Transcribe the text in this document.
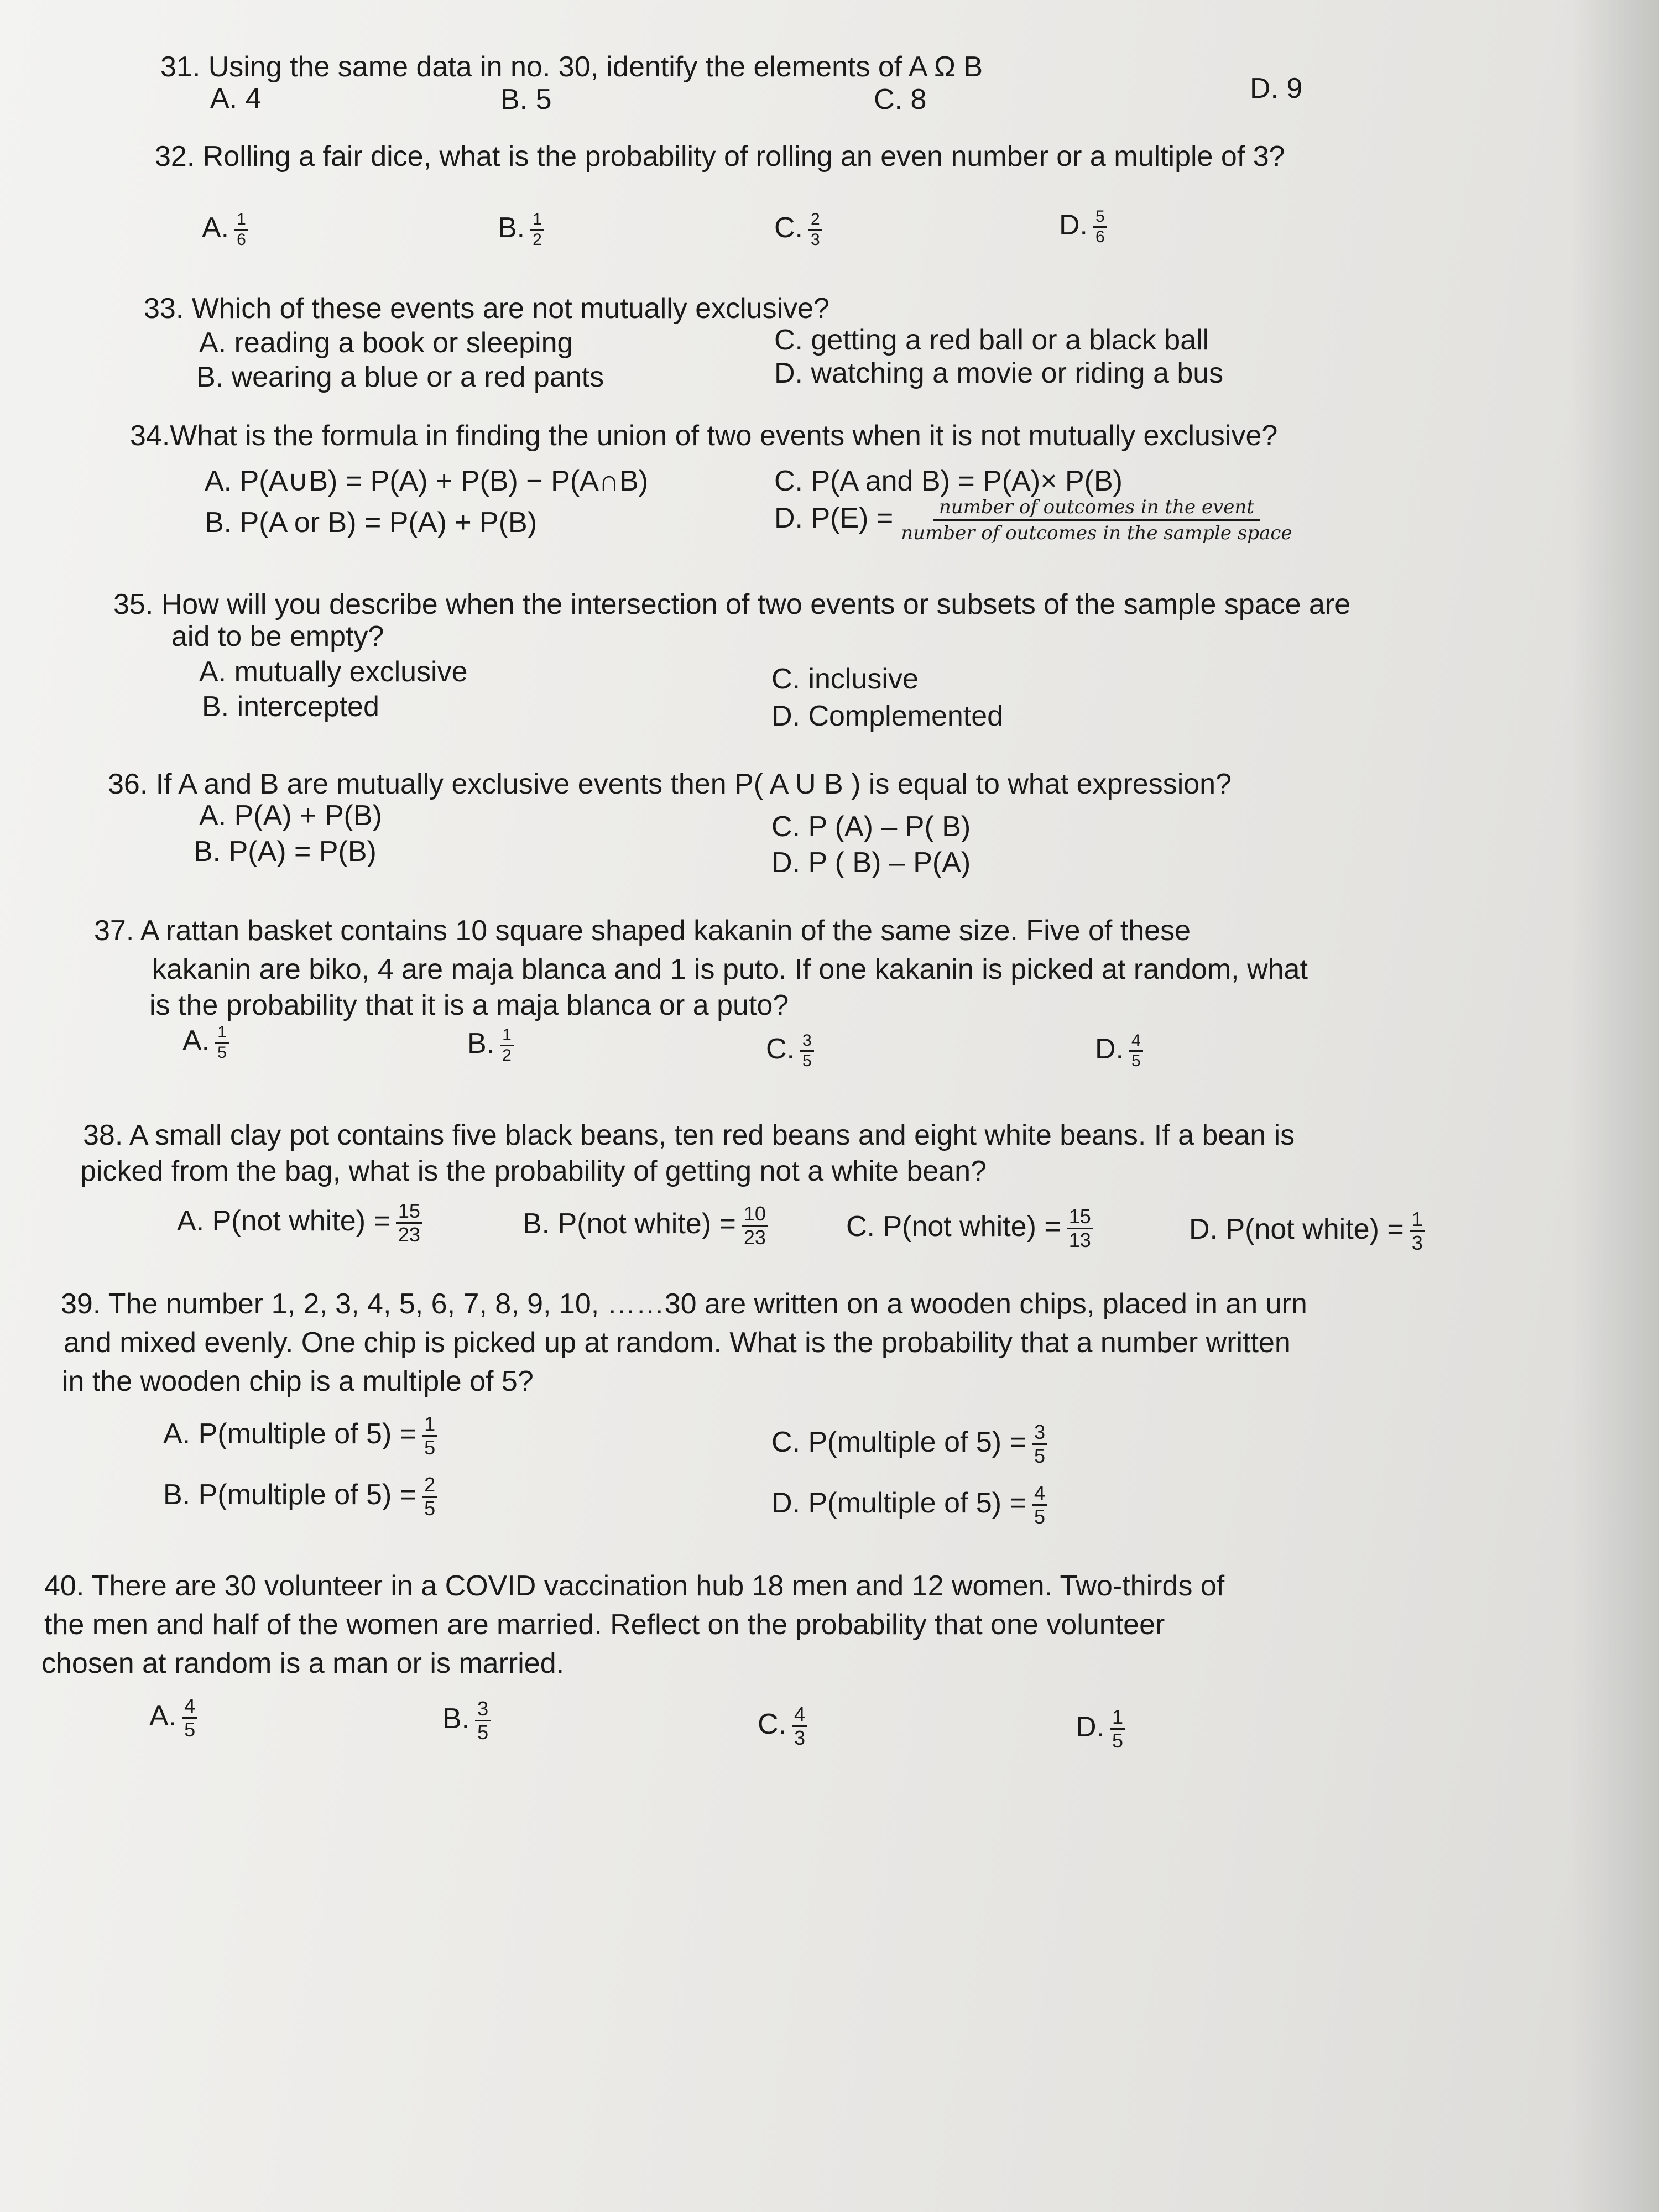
31. Using the same data in no. 30, identify the elements of A Ω B
A. 4	B. 5	C. 8	D. 9
32. Rolling a fair dice, what is the probability of rolling an even number or a multiple of 3?
A. $\frac{1}{6}$	B. $\frac{1}{2}$	C. $\frac{2}{3}$	D. $\frac{5}{6}$
33. Which of these events are not mutually exclusive?
A. reading a book or sleeping
B. wearing a blue or a red pants
C. getting a red ball or a black ball
D. watching a movie or riding a bus
34.What is the formula in finding the union of two events when it is not mutually exclusive?
A. P(A∪B) = P(A) + P(B) − P(A∩B)
B. P(A or B) = P(A) + P(B)
C. P(A and B) = P(A)× P(B)
D. P(E) = number of outcomes in the event
number of outcomes in the sample space
35. How will you describe when the intersection of two events or subsets of the sample space are
aid to be empty?
A. mutually exclusive
B. intercepted
C. inclusive
D. Complemented
36. If A and B are mutually exclusive events then P( A U B ) is equal to what expression?
A. P(A) + P(B)
B. P(A) = P(B)
C. P (A) – P( B)
D. P ( B) – P(A)
37. A rattan basket contains 10 square shaped kakanin of the same size. Five of these
kakanin are biko, 4 are maja blanca and 1 is puto. If one kakanin is picked at random, what
is the probability that it is a maja blanca or a puto?
A. $\frac{1}{5}$	B. $\frac{1}{2}$	C. $\frac{3}{5}$	D. $\frac{4}{5}$
38. A small clay pot contains five black beans, ten red beans and eight white beans. If a bean is
picked from the bag, what is the probability of getting not a white bean?
A. P(not white) = $\frac{15}{23}$	B. P(not white) = $\frac{10}{23}$	C. P(not white) = $\frac{15}{13}$	D. P(not white) = $\frac{1}{3}$
39. The number 1, 2, 3, 4, 5, 6, 7, 8, 9, 10, ……30 are written on a wooden chips, placed in an urn
and mixed evenly. One chip is picked up at random. What is the probability that a number written
in the wooden chip is a multiple of 5?
A. P(multiple of $5) = \frac{1}{5}$
B. P(multiple of $5) = \frac{2}{5}$
C. P(multiple of $5) = \frac{3}{5}$
D. P(multiple of $5) = \frac{4}{5}$
40. There are 30 volunteer in a COVID vaccination hub 18 men and 12 women. Two-thirds of
the men and half of the women are married. Reflect on the probability that one volunteer
chosen at random is a man or is married.
A. $\frac{4}{5}$	B. $\frac{3}{5}$	C. $\frac{4}{3}$	D. $\frac{1}{5}$
